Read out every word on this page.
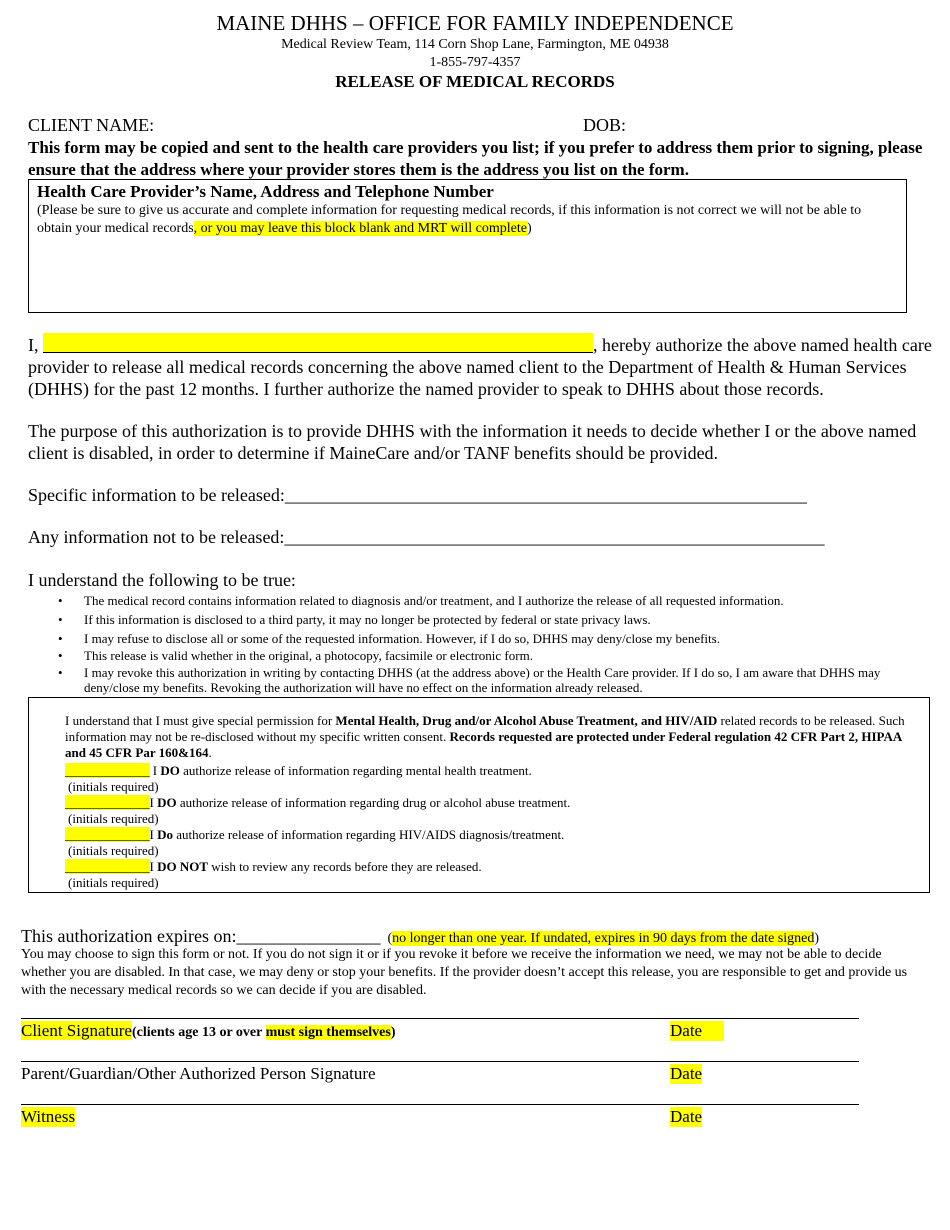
MAINE DHHS – OFFICE FOR FAMILY INDEPENDENCE
Medical Review Team, 114 Corn Shop Lane, Farmington, ME 04938
1-855-797-4357
RELEASE OF MEDICAL RECORDS
CLIENT NAME:	DOB:
This form may be copied and sent to the health care providers you list; if you prefer to address them prior to signing, please ensure that the address where your provider stores them is the address you list on the form.
Health Care Provider’s Name, Address and Telephone Number
(Please be sure to give us accurate and complete information for requesting medical records, if this information is not correct we will not be able to obtain your medical records, or you may leave this block blank and MRT will complete)
I,	, hereby authorize the above named health care provider to release all medical records concerning the above named client to the Department of Health & Human Services (DHHS) for the past 12 months. I further authorize the named provider to speak to DHHS about those records.
The purpose of this authorization is to provide DHHS with the information it needs to decide whether I or the above named client is disabled, in order to determine if MaineCare and/or TANF benefits should be provided.
Specific information to be released:__________________________________________________________
Any information not to be released:____________________________________________________________
I understand the following to be true:
• The medical record contains information related to diagnosis and/or treatment, and I authorize the release of all requested information.
• If this information is disclosed to a third party, it may no longer be protected by federal or state privacy laws.
• I may refuse to disclose all or some of the requested information. However, if I do so, DHHS may deny/close my benefits.
• This release is valid whether in the original, a photocopy, facsimile or electronic form.
• I may revoke this authorization in writing by contacting DHHS (at the address above) or the Health Care provider. If I do so, I am aware that DHHS may deny/close my benefits. Revoking the authorization will have no effect on the information already released.
I understand that I must give special permission for Mental Health, Drug and/or Alcohol Abuse Treatment, and HIV/AID related records to be released. Such information may not be re-disclosed without my specific written consent. Records requested are protected under Federal regulation 42 CFR Part 2, HIPAA and 45 CFR Par 160&164.
_____________ I DO authorize release of information regarding mental health treatment.
(initials required)
_____________I DO authorize release of information regarding drug or alcohol abuse treatment.
(initials required)
_____________I Do authorize release of information regarding HIV/AIDS diagnosis/treatment.
(initials required)
_____________I DO NOT wish to review any records before they are released.
(initials required)
This authorization expires on:________________ (no longer than one year. If undated, expires in 90 days from the date signed)
You may choose to sign this form or not. If you do not sign it or if you revoke it before we receive the information we need, we may not be able to decide whether you are disabled. In that case, we may deny or stop your benefits. If the provider doesn’t accept this release, you are responsible to get and provide us with the necessary medical records so we can decide if you are disabled.
Client Signature(clients age 13 or over must sign themselves)	Date
Parent/Guardian/Other Authorized Person Signature	Date
Witness	Date
